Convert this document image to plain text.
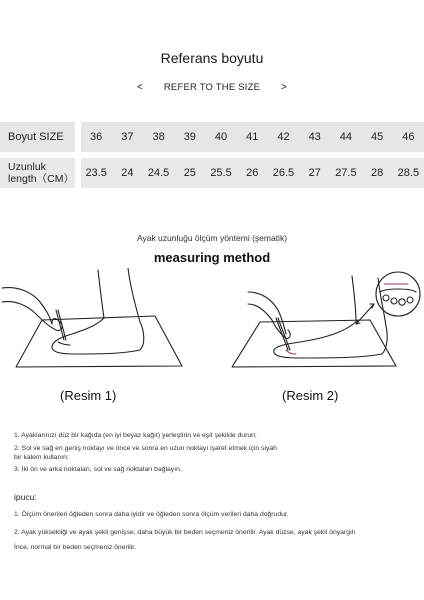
Referans boyutu
< REFER TO THE SIZE >
Boyut SIZE		36	37	38	39	40	41	42	43	44	45	46
Uzunluk
length（CM）		23.5	24	24.5	25	25.5	26	26.5	27	27.5	28	28.5
Ayak uzunluğu ölçüm yöntemi (şematik)
measuring method
(Resim 1)	(Resim 2)
1. Ayaklarınızı düz bir kağıda (en iyi beyaz kağıt) yerleştirin ve eşit şekilde durun;
2. Sol ve sağ en geniş noktayı ve önce ve sonra en uzun noktayı işaret etmek için siyah
bir kalem kullanın;
3. İki ön ve arka noktaları, sol ve sağ noktaları bağlayın.
ipucu:
1. Ölçüm önerileri öğleden sonra daha iyidir ve öğleden sonra ölçüm verileri daha doğrudur.
2. Ayak yüksekliği ve ayak şekli genişse, daha büyük bir beden seçmeniz önerilir. Ayak düzse, ayak şekli önyargılı
İnce, normal bir beden seçmeniz önerilir.
